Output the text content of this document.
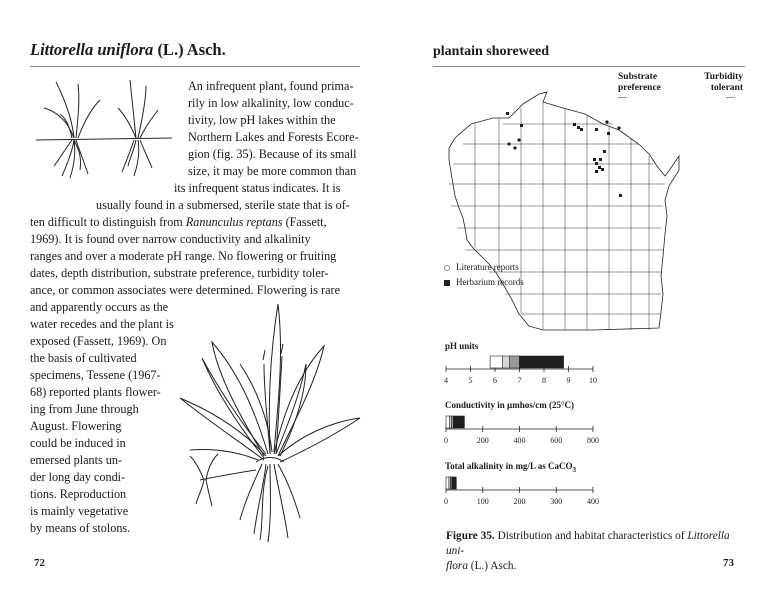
Littorella uniflora (L.) Asch.
An infrequent plant, found prima-
rily in low alkalinity, low conduc-
tivity, low pH lakes within the
Northern Lakes and Forests Ecore-
gion (fig. 35). Because of its small
size, it may be more common than
its infrequent status indicates. It is
usually found in a submersed, sterile state that is of-
ten difficult to distinguish from Ranunculus reptans (Fassett,
1969). It is found over narrow conductivity and alkalinity
ranges and over a moderate pH range. No flowering or fruiting
dates, depth distribution, substrate preference, turbidity toler-
ance, or common associates were determined. Flowering is rare
and apparently occurs as the
water recedes and the plant is
exposed (Fassett, 1969). On
the basis of cultivated
specimens, Tessene (1967-
68) reported plants flower-
ing from June through
August. Flowering
could be induced in
emersed plants un-
der long day condi-
tions. Reproduction
is mainly vegetative
by means of stolons.
72
plantain shoreweed
Substrate
preference
Turbidity
tolerant
—	—
Literature reports
Herbarium records
pH units
4	5	6	7	8	9 10
Conductivity in µmhos/cm (25°C)
0	200	400	600	800
Total alkalinity in mg/L as CaCO$_3$
0	100	200	300	400
Figure 35. Distribution and habitat characteristics of Littorella uni-
flora (L.) Asch.	73
